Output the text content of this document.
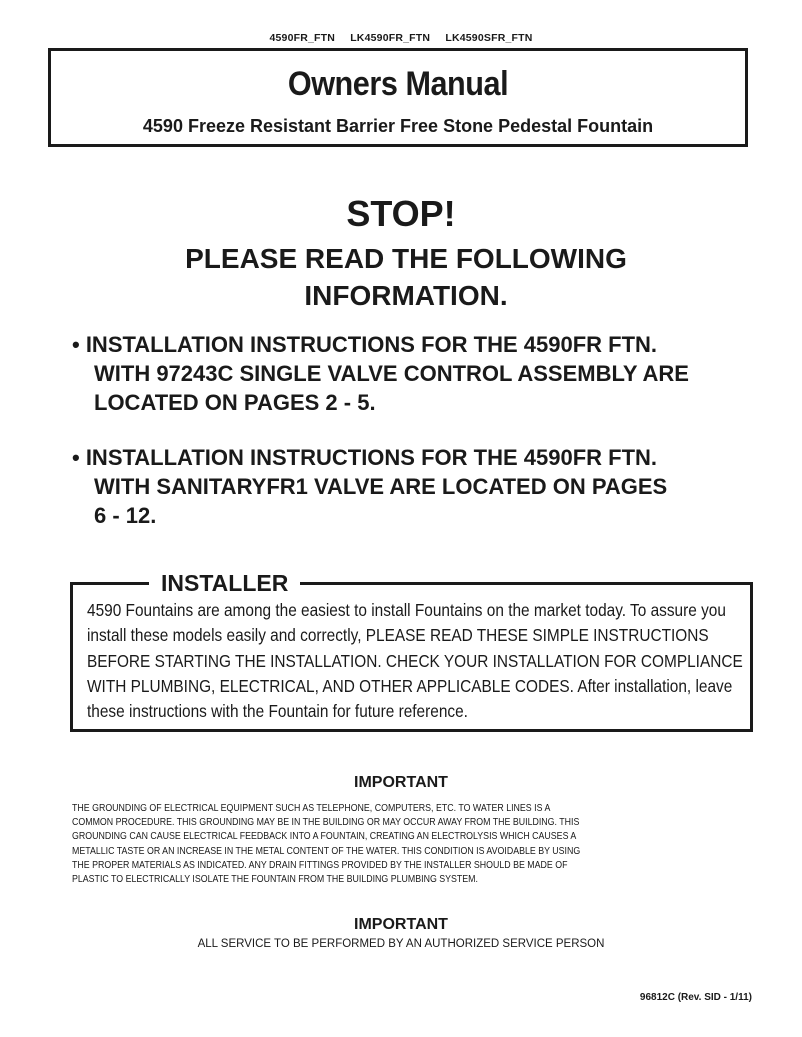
4590FR_FTN LK4590FR_FTN LK4590SFR_FTN
Owners Manual
4590 Freeze Resistant Barrier Free Stone Pedestal Fountain
STOP!
PLEASE READ THE FOLLOWING
INFORMATION.
• INSTALLATION INSTRUCTIONS FOR THE 4590FR FTN.
WITH 97243C SINGLE VALVE CONTROL ASSEMBLY ARE
LOCATED ON PAGES 2 - 5.
• INSTALLATION INSTRUCTIONS FOR THE 4590FR FTN.
WITH SANITARYFR1 VALVE ARE LOCATED ON PAGES
6 - 12.
INSTALLER
4590 Fountains are among the easiest to install Fountains on the market today. To assure you
install these models easily and correctly, PLEASE READ THESE SIMPLE INSTRUCTIONS
BEFORE STARTING THE INSTALLATION. CHECK YOUR INSTALLATION FOR COMPLIANCE
WITH PLUMBING, ELECTRICAL, AND OTHER APPLICABLE CODES. After installation, leave
these instructions with the Fountain for future reference.
IMPORTANT
THE GROUNDING OF ELECTRICAL EQUIPMENT SUCH AS TELEPHONE, COMPUTERS, ETC. TO WATER LINES IS A
COMMON PROCEDURE. THIS GROUNDING MAY BE IN THE BUILDING OR MAY OCCUR AWAY FROM THE BUILDING. THIS
GROUNDING CAN CAUSE ELECTRICAL FEEDBACK INTO A FOUNTAIN, CREATING AN ELECTROLYSIS WHICH CAUSES A
METALLIC TASTE OR AN INCREASE IN THE METAL CONTENT OF THE WATER. THIS CONDITION IS AVOIDABLE BY USING
THE PROPER MATERIALS AS INDICATED. ANY DRAIN FITTINGS PROVIDED BY THE INSTALLER SHOULD BE MADE OF
PLASTIC TO ELECTRICALLY ISOLATE THE FOUNTAIN FROM THE BUILDING PLUMBING SYSTEM.
IMPORTANT
ALL SERVICE TO BE PERFORMED BY AN AUTHORIZED SERVICE PERSON
96812C (Rev. SID - 1/11)
